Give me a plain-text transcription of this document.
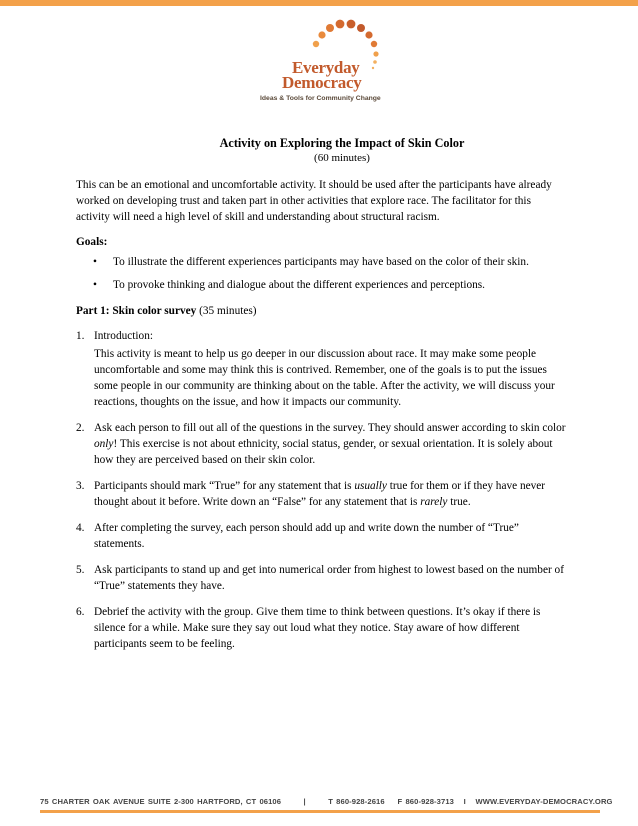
Everyday
Democracy
Ideas & Tools for Community Change

Activity on Exploring the Impact of Skin Color

(60 minutes)

This can be an emotional and uncomfortable activity. It should be used after the participants have already worked on developing trust and taken part in other activities that explore race. The facilitator for this activity will need a high level of skill and understanding about structural racism.

Goals:

• To illustrate the different experiences participants may have based on the color of their skin.
• To provoke thinking and dialogue about the different experiences and perceptions.

Part 1: Skin color survey (35 minutes)

1. Introduction:

This activity is meant to help us go deeper in our discussion about race. It may make some people uncomfortable and some may think this is contrived. Remember, one of the goals is to put the issues some people in our community are thinking about on the table. After the activity, we will discuss your reactions, thoughts on the issue, and how it impacts our community.

2. Ask each person to fill out all of the questions in the survey. They should answer according to skin color only! This exercise is not about ethnicity, social status, gender, or sexual orientation. It is solely about how they are perceived based on their skin color.
3. Participants should mark “True” for any statement that is usually true for them or if they have never thought about it before. Write down an “False” for any statement that is rarely true.
4. After completing the survey, each person should add up and write down the number of “True” statements.
5. Ask participants to stand up and get into numerical order from highest to lowest based on the number of “True” statements they have.
6. Debrief the activity with the group. Give them time to think between questions. It’s okay if there is silence for a while. Make sure they say out loud what they notice. Stay aware of how different participants seem to be feeling.
75 CHARTER OAK AVENUE SUITE 2-300 HARTFORD, CT 06106	|	T 860-928-2616 F 860-928-3713 I WWW.EVERYDAY-DEMOCRACY.ORG
